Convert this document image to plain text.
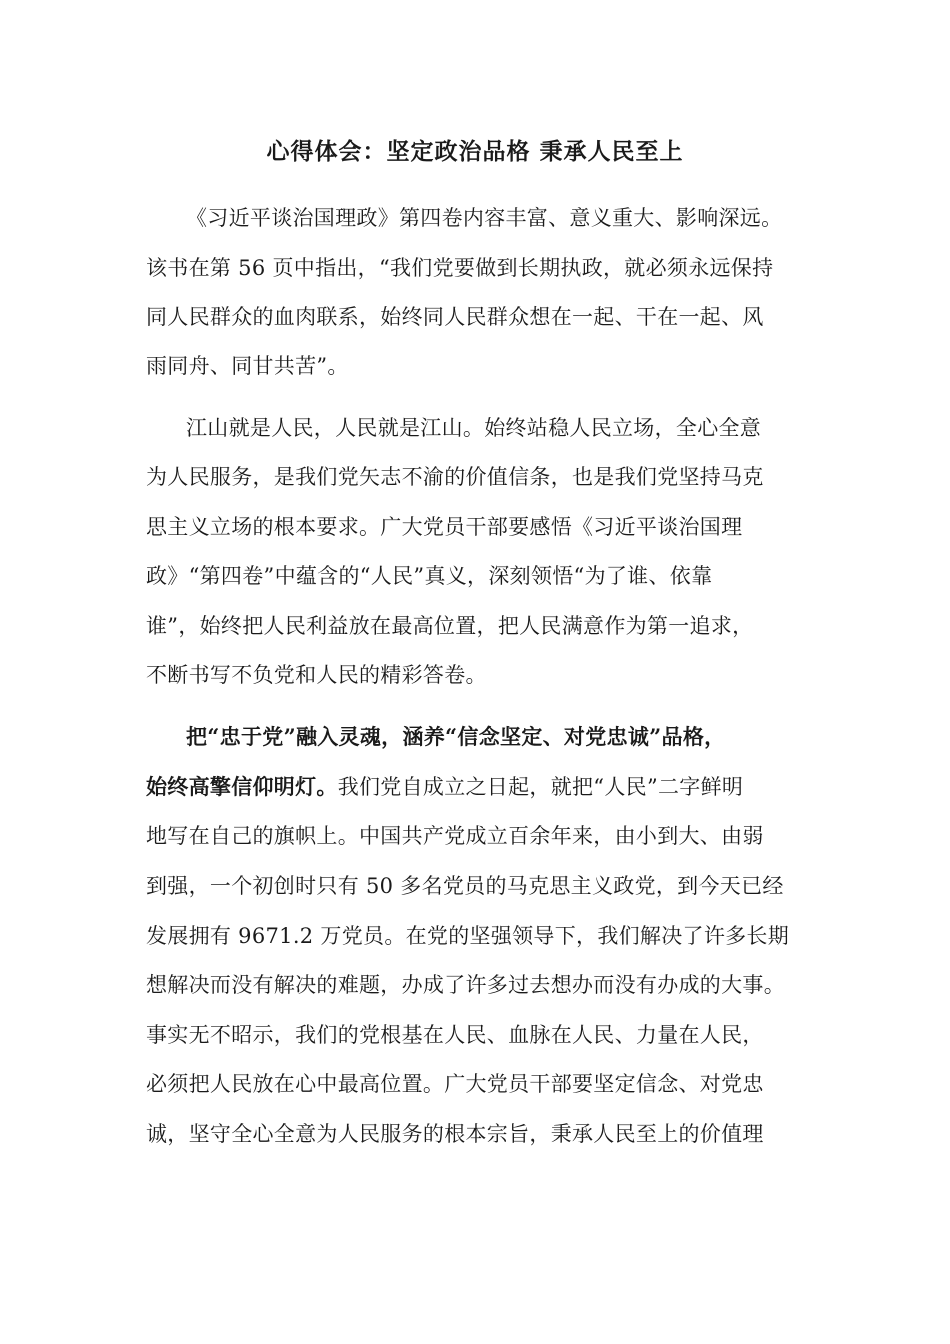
心得体会：坚定政治品格 秉承人民至上
《习近平谈治国理政》第四卷内容丰富、意义重大、影响深远。
该书在第 56 页中指出，“我们党要做到长期执政，就必须永远保持
同人民群众的血肉联系，始终同人民群众想在一起、干在一起、风
雨同舟、同甘共苦”。
江山就是人民，人民就是江山。始终站稳人民立场，全心全意
为人民服务，是我们党矢志不渝的价值信条，也是我们党坚持马克
思主义立场的根本要求。广大党员干部要感悟《习近平谈治国理
政》“第四卷”中蕴含的“人民”真义，深刻领悟“为了谁、依靠
谁”，始终把人民利益放在最高位置，把人民满意作为第一追求，
不断书写不负党和人民的精彩答卷。
把“忠于党”融入灵魂，涵养“信念坚定、对党忠诚”品格，
始终高擎信仰明灯。我们党自成立之日起，就把“人民”二字鲜明
地写在自己的旗帜上。中国共产党成立百余年来，由小到大、由弱
到强，一个初创时只有 50 多名党员的马克思主义政党，到今天已经
发展拥有 9671.2 万党员。在党的坚强领导下，我们解决了许多长期
想解决而没有解决的难题，办成了许多过去想办而没有办成的大事。
事实无不昭示，我们的党根基在人民、血脉在人民、力量在人民，
必须把人民放在心中最高位置。广大党员干部要坚定信念、对党忠
诚，坚守全心全意为人民服务的根本宗旨，秉承人民至上的价值理
